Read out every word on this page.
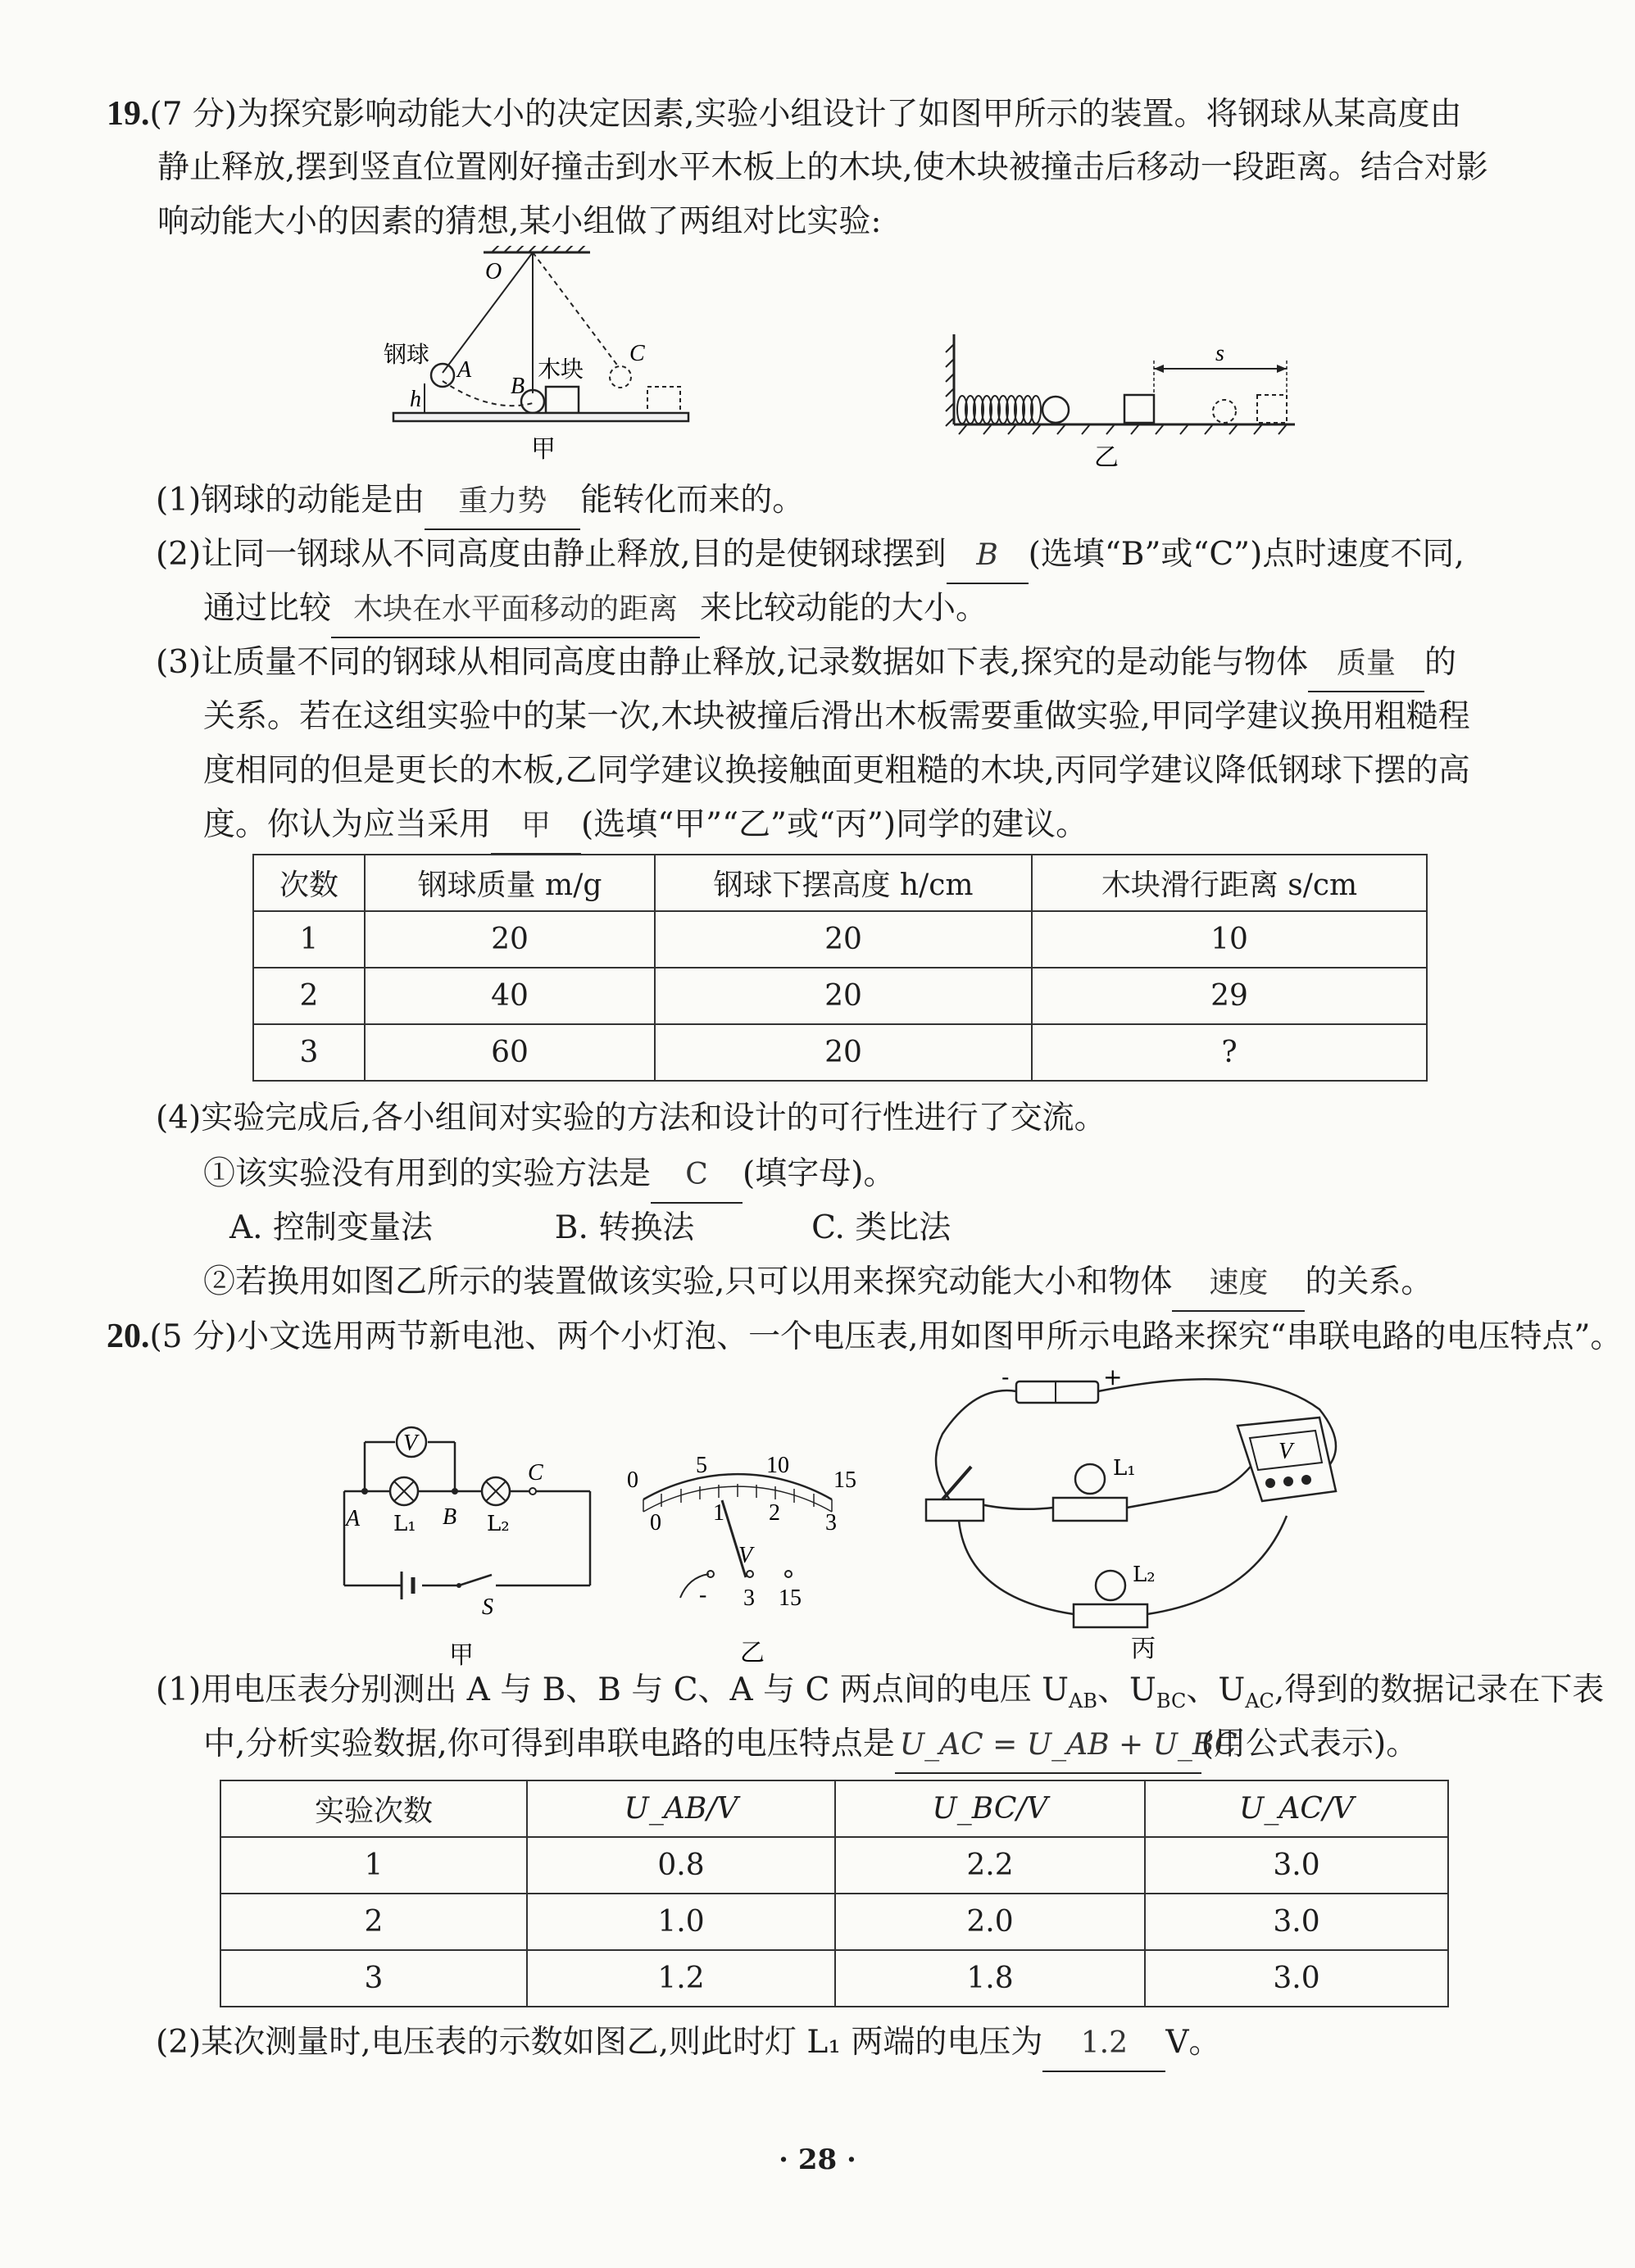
19.(7 分)为探究影响动能大小的决定因素,实验小组设计了如图甲所示的装置。将钢球从某高度由
静止释放,摆到竖直位置刚好撞击到水平木板上的木块,使木块被撞击后移动一段距离。结合对影
响动能大小的因素的猜想,某小组做了两组对比实验:
O
h
钢球
A
B
C
木块
甲
s
乙
(1)钢球的动能是由 重力势 能转化而来的。
(2)让同一钢球从不同高度由静止释放,目的是使钢球摆到 B (选填“B”或“C”)点时速度不同,
通过比较 木块在水平面移动的距离 来比较动能的大小。
(3)让质量不同的钢球从相同高度由静止释放,记录数据如下表,探究的是动能与物体 质量 的
关系。若在这组实验中的某一次,木块被撞后滑出木板需要重做实验,甲同学建议换用粗糙程
度相同的但是更长的木板,乙同学建议换接触面更粗糙的木块,丙同学建议降低钢球下摆的高
度。你认为应当采用 甲 (选填“甲”“乙”或“丙”)同学的建议。
次数	钢球质量 m/g	钢球下摆高度 h/cm	木块滑行距离 s/cm
1	20	20	10
2	40	20	29
3	60	20	?
(4)实验完成后,各小组间对实验的方法和设计的可行性进行了交流。
①该实验没有用到的实验方法是 C (填字母)。
A. 控制变量法	B. 转换法	C. 类比法
②若换用如图乙所示的装置做该实验,只可以用来探究动能大小和物体 速度 的关系。
20.(5 分)小文选用两节新电池、两个小灯泡、一个电压表,用如图甲所示电路来探究“串联电路的电压特点”。
S
V
A	B
C
L₁	L₂
甲
0
5	10
15
0 1 2 3
V
- 3 15
乙
-	+
L₁
L₂
V
丙
(1)用电压表分别测出 A 与 B、B 与 C、A 与 C 两点间的电压 $U_{AB}$、$U_{BC}$、$U_{AC}$,得到的数据记录在下表
中,分析实验数据,你可得到串联电路的电压特点是 U_AC = U_AB + U_BC(用公式表示)。
实验次数	U_AB/V	U_BC/V	U_AC/V
1	0.8	2.2	3.0
2	1.0	2.0	3.0
3	1.2	1.8	3.0
(2)某次测量时,电压表的示数如图乙,则此时灯 L₁ 两端的电压为 1.2 V。
· 28 ·
